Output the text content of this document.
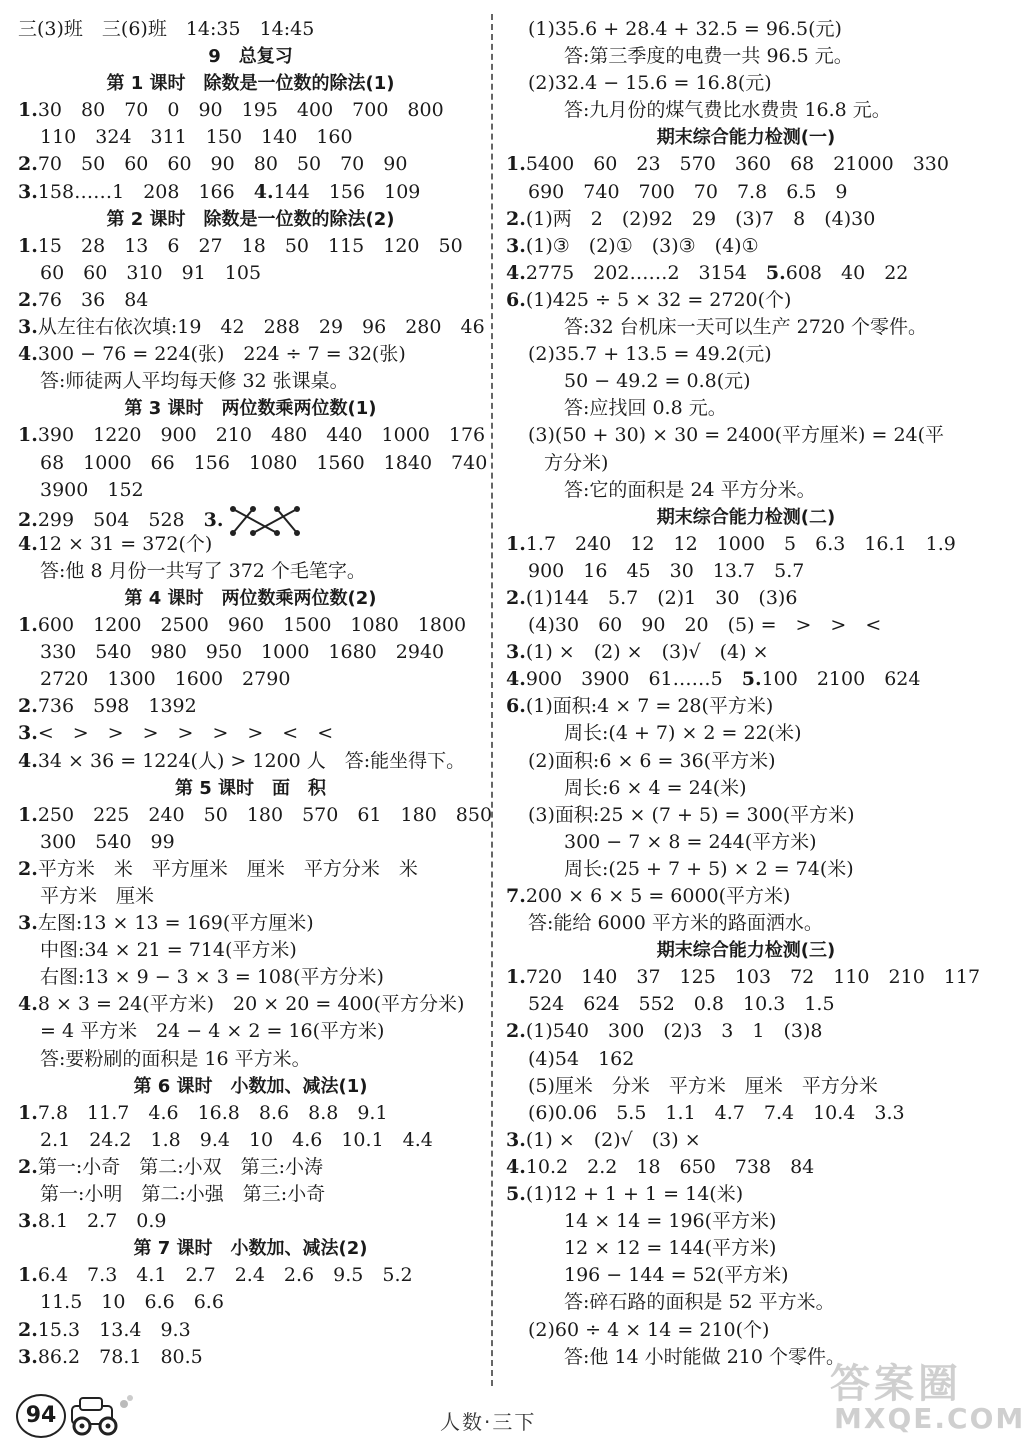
三(3)班　三(6)班　14:35　14:45
9　总复习
第 1 课时　除数是一位数的除法(1)
1.30　80　70　0　90　195　400　700　800
110　324　311　150　140　160
2.70　50　60　60　90　80　50　70　90
3.158……1　208　166　4.144　156　109
第 2 课时　除数是一位数的除法(2)
1.15　28　13　6　27　18　50　115　120　50
60　60　310　91　105
2.76　36　84
3.从左往右依次填:19　42　288　29　96　280　46
4.300 − 76 = 224(张)　224 ÷ 7 = 32(张)
答:师徒两人平均每天修 32 张课桌。
第 3 课时　两位数乘两位数(1)
1.390　1220　900　210　480　440　1000　176
68　1000　66　156　1080　1560　1840　740
3900　152
2.299　504　528　3.
4.12 × 31 = 372(个)
答:他 8 月份一共写了 372 个毛笔字。
第 4 课时　两位数乘两位数(2)
1.600　1200　2500　960　1500　1080　1800
330　540　980　950　1000　1680　2940
2720　1300　1600　2790
2.736　598　1392
3.<　>　>　>　>　>　>　<　<
4.34 × 36 = 1224(人) > 1200 人　答:能坐得下。
第 5 课时　面　积
1.250　225　240　50　180　570　61　180　850
300　540　99
2.平方米　米　平方厘米　厘米　平方分米　米
平方米　厘米
3.左图:13 × 13 = 169(平方厘米)
中图:34 × 21 = 714(平方米)
右图:13 × 9 − 3 × 3 = 108(平方分米)
4.8 × 3 = 24(平方米)　20 × 20 = 400(平方分米)
= 4 平方米　24 − 4 × 2 = 16(平方米)
答:要粉刷的面积是 16 平方米。
第 6 课时　小数加、减法(1)
1.7.8　11.7　4.6　16.8　8.6　8.8　9.1
2.1　24.2　1.8　9.4　10　4.6　10.1　4.4
2.第一:小奇　第二:小双　第三:小涛
第一:小明　第二:小强　第三:小奇
3.8.1　2.7　0.9
第 7 课时　小数加、减法(2)
1.6.4　7.3　4.1　2.7　2.4　2.6　9.5　5.2
11.5　10　6.6　6.6
2.15.3　13.4　9.3
3.86.2　78.1　80.5
(1)35.6 + 28.4 + 32.5 = 96.5(元)
答:第三季度的电费一共 96.5 元。
(2)32.4 − 15.6 = 16.8(元)
答:九月份的煤气费比水费贵 16.8 元。
期末综合能力检测(一)
1.5400　60　23　570　360　68　21000　330
690　740　700　70　7.8　6.5　9
2.(1)两　2　(2)92　29　(3)7　8　(4)30
3.(1)③　(2)①　(3)③　(4)①
4.2775　202……2　3154　5.608　40　22
6.(1)425 ÷ 5 × 32 = 2720(个)
答:32 台机床一天可以生产 2720 个零件。
(2)35.7 + 13.5 = 49.2(元)
50 − 49.2 = 0.8(元)
答:应找回 0.8 元。
(3)(50 + 30) × 30 = 2400(平方厘米) = 24(平
方分米)
答:它的面积是 24 平方分米。
期末综合能力检测(二)
1.1.7　240　12　12　1000　5　6.3　16.1　1.9
900　16　45　30　13.7　5.7
2.(1)144　5.7　(2)1　30　(3)6
(4)30　60　90　20　(5) =　>　>　<
3.(1) ×　(2) ×　(3)√　(4) ×
4.900　3900　61……5　5.100　2100　624
6.(1)面积:4 × 7 = 28(平方米)
周长:(4 + 7) × 2 = 22(米)
(2)面积:6 × 6 = 36(平方米)
周长:6 × 4 = 24(米)
(3)面积:25 × (7 + 5) = 300(平方米)
300 − 7 × 8 = 244(平方米)
周长:(25 + 7 + 5) × 2 = 74(米)
7.200 × 6 × 5 = 6000(平方米)
答:能给 6000 平方米的路面洒水。
期末综合能力检测(三)
1.720　140　37　125　103　72　110　210　117
524　624　552　0.8　10.3　1.5
2.(1)540　300　(2)3　3　1　(3)8
(4)54　162
(5)厘米　分米　平方米　厘米　平方分米
(6)0.06　5.5　1.1　4.7　7.4　10.4　3.3
3.(1) ×　(2)√　(3) ×
4.10.2　2.2　18　650　738　84
5.(1)12 + 1 + 1 = 14(米)
14 × 14 = 196(平方米)
12 × 12 = 144(平方米)
196 − 144 = 52(平方米)
答:碎石路的面积是 52 平方米。
(2)60 ÷ 4 × 14 = 210(个)
答:他 14 小时能做 210 个零件。
94	人数·三下
答案圈
MXQE.COM
